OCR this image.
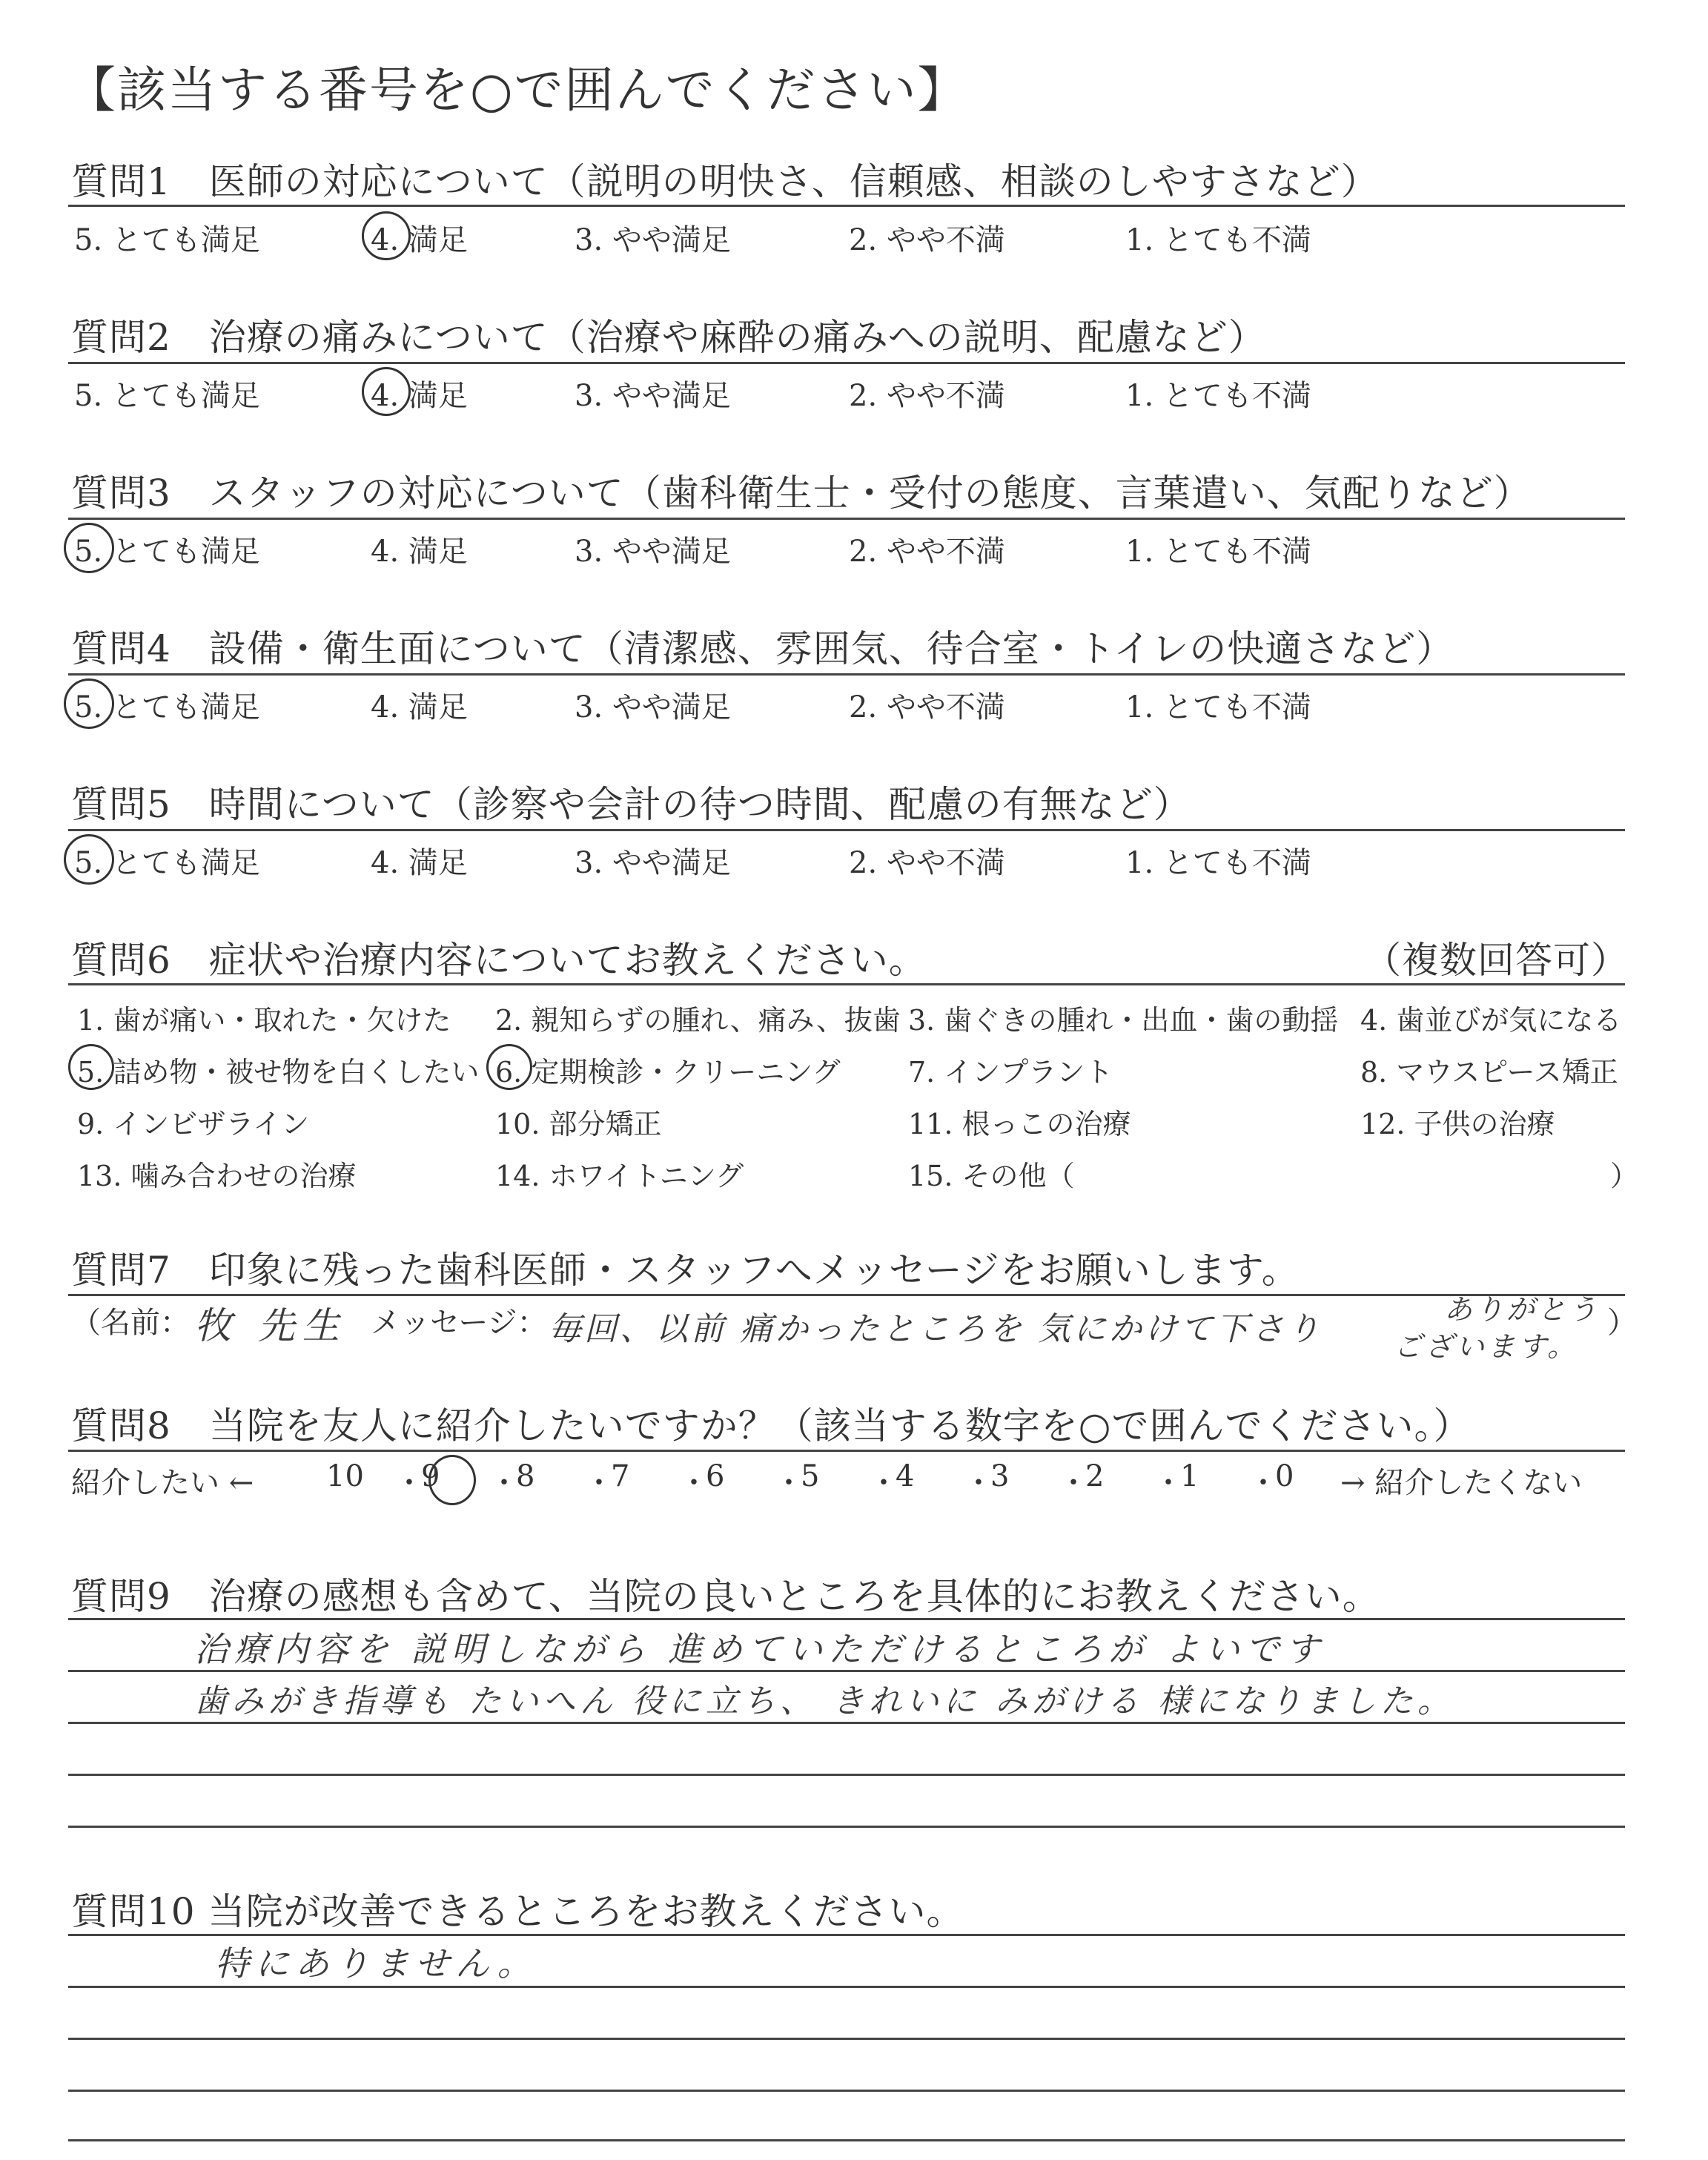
【該当する番号を○で囲んでください】
質問1　医師の対応について（説明の明快さ、信頼感、相談のしやすさなど）
5. とても満足	4. 満足	3. やや満足	2. やや不満	1. とても不満
質問2　治療の痛みについて（治療や麻酔の痛みへの説明、配慮など）
5. とても満足	4. 満足	3. やや満足	2. やや不満	1. とても不満
質問3　スタッフの対応について（歯科衛生士・受付の態度、言葉遣い、気配りなど）
5. とても満足	4. 満足	3. やや満足	2. やや不満	1. とても不満
質問4　設備・衛生面について（清潔感、雰囲気、待合室・トイレの快適さなど）
5. とても満足	4. 満足	3. やや満足	2. やや不満	1. とても不満
質問5　時間について（診察や会計の待つ時間、配慮の有無など）
5. とても満足	4. 満足	3. やや満足	2. やや不満	1. とても不満
質問6　症状や治療内容についてお教えください。	（複数回答可）
1. 歯が痛い・取れた・欠けた 2. 親知らずの腫れ、痛み、抜歯 3. 歯ぐきの腫れ・出血・歯の動揺 4. 歯並びが気になる
5. 詰め物・被せ物を白くしたい 6. 定期検診・クリーニング 7. インプラント	8. マウスピース矯正
9. インビザライン	10. 部分矯正	11. 根っこの治療	12. 子供の治療
13. 噛み合わせの治療	14. ホワイトニング	15. その他（	）
質問7　印象に残った歯科医師・スタッフへメッセージをお願いします。
（名前： 牧 先生 メッセージ： 毎回、以前 痛かったところを 気にかけて下さり
ありがとう
ございます。
）
質問8　当院を友人に紹介したいですか？（該当する数字を○で囲んでください。）
紹介したい ← 10 ・
9 ・
8 ・
7 ・
6 ・
5 ・
4 ・
3 ・
2 ・
1 ・
0 → 紹介したくない
質問9　治療の感想も含めて、当院の良いところを具体的にお教えください。
治療内容を 説明しながら 進めていただけるところが よいです
歯みがき指導も たいへん 役に立ち、 きれいに みがける 様になりました。
質問10 当院が改善できるところをお教えください。
特にありません。
